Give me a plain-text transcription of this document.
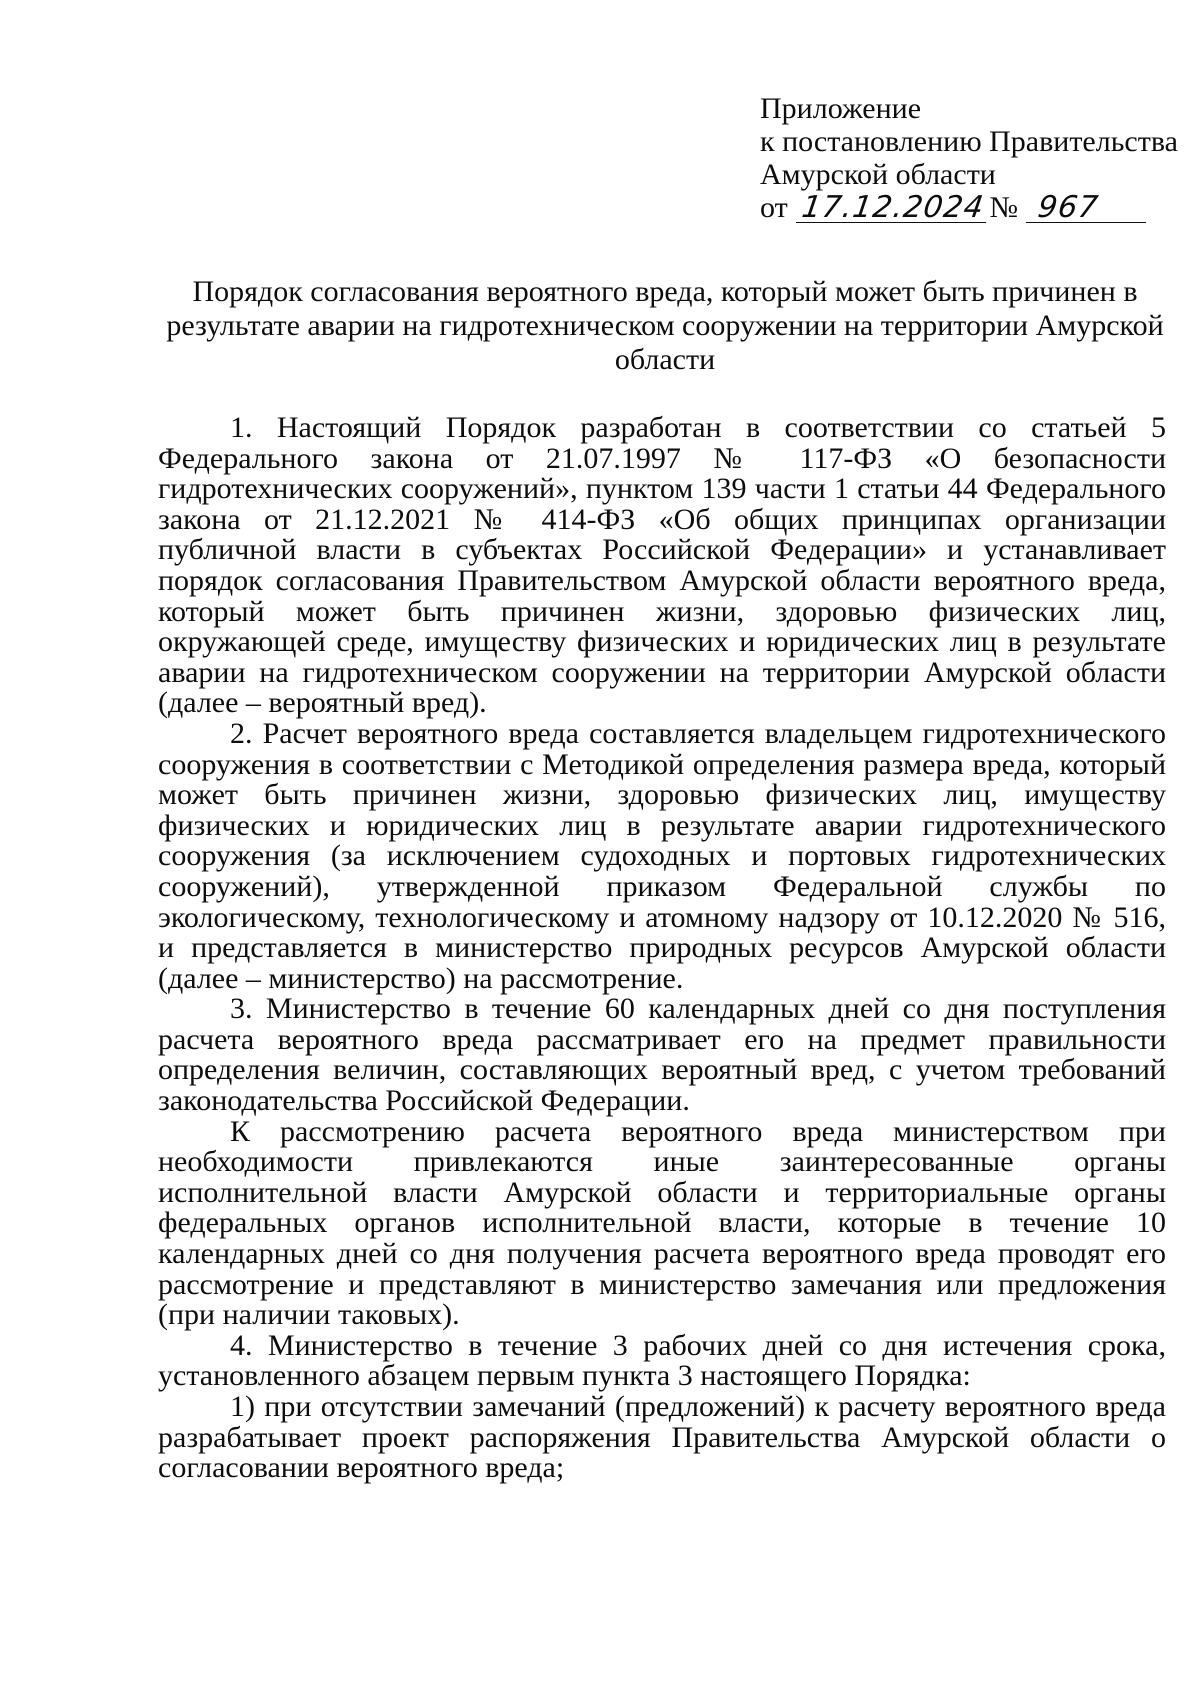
Приложение
к постановлению Правительства
Амурской области
от 17.12.2024 № 967
Порядок согласования вероятного вреда, который может быть причинен в результате аварии на гидротехническом сооружении на территории Амурской области

1. Настоящий Порядок разработан в соответствии со статьей 5 Федерального закона от 21.07.1997 № 117-ФЗ «О безопасности гидротехнических сооружений», пунктом 139 части 1 статьи 44 Федерального закона от 21.12.2021 № 414-ФЗ «Об общих принципах организации публичной власти в субъектах Российской Федерации» и устанавливает порядок согласования Правительством Амурской области вероятного вреда, который может быть причинен жизни, здоровью физических лиц, окружающей среде, имуществу физических и юридических лиц в результате аварии на гидротехническом сооружении на территории Амурской области (далее – вероятный вред).

2. Расчет вероятного вреда составляется владельцем гидротехнического сооружения в соответствии с Методикой определения размера вреда, который может быть причинен жизни, здоровью физических лиц, имуществу физических и юридических лиц в результате аварии гидротехнического сооружения (за исключением судоходных и портовых гидротехнических сооружений), утвержденной приказом Федеральной службы по экологическому, технологическому и атомному надзору от 10.12.2020 № 516, и представляется в министерство природных ресурсов Амурской области (далее – министерство) на рассмотрение.

3. Министерство в течение 60 календарных дней со дня поступления расчета вероятного вреда рассматривает его на предмет правильности определения величин, составляющих вероятный вред, с учетом требований законодательства Российской Федерации.

К рассмотрению расчета вероятного вреда министерством при необходимости привлекаются иные заинтересованные органы исполнительной власти Амурской области и территориальные органы федеральных органов исполнительной власти, которые в течение 10 календарных дней со дня получения расчета вероятного вреда проводят его рассмотрение и представляют в министерство замечания или предложения (при наличии таковых).

4. Министерство в течение 3 рабочих дней со дня истечения срока, установленного абзацем первым пункта 3 настоящего Порядка:

1) при отсутствии замечаний (предложений) к расчету вероятного вреда разрабатывает проект распоряжения Правительства Амурской области о согласовании вероятного вреда;
